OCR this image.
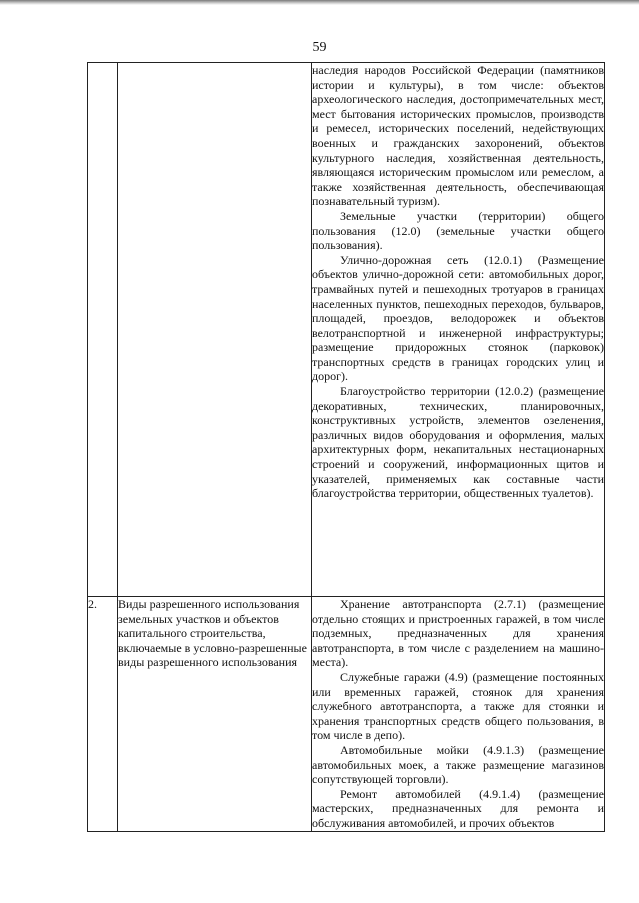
59

		наследия народов Российской Федерации (памятников истории и культуры), в том числе: объектов археологического наследия, достопримечательных мест, мест бытования исторических промыслов, производств и ремесел, исторических поселений, недействующих военных и гражданских захоронений, объектов культурного наследия, хозяйственная деятельность, являющаяся историческим промыслом или ремеслом, а также хозяйственная деятельность, обеспечивающая познавательный туризм).

Земельные участки (территории) общего пользования (12.0) (земельные участки общего пользования).

Улично-дорожная сеть (12.0.1) (Размещение объектов улично-дорожной сети: автомобильных дорог, трамвайных путей и пешеходных тротуаров в границах населенных пунктов, пешеходных переходов, бульваров, площадей, проездов, велодорожек и объектов велотранспортной и инженерной инфраструктуры; размещение придорожных стоянок (парковок) транспортных средств в границах городских улиц и дорог).

Благоустройство территории (12.0.2) (размещение декоративных, технических, планировочных, конструктивных устройств, элементов озеленения, различных видов оборудования и оформления, малых архитектурных форм, некапитальных нестационарных строений и сооружений, информационных щитов и указателей, применяемых как составные части благоустройства территории, общественных туалетов).

2.	Виды разрешенного использования земельных участков и объектов капитального строительства, включаемые в условно-разрешенные виды разрешенного использования	Хранение автотранспорта (2.7.1) (размещение отдельно стоящих и пристроенных гаражей, в том числе подземных, предназначенных для хранения автотранспорта, в том числе с разделением на машино-места).

Служебные гаражи (4.9) (размещение постоянных или временных гаражей, стоянок для хранения служебного автотранспорта, а также для стоянки и хранения транспортных средств общего пользования, в том числе в депо).

Автомобильные мойки (4.9.1.3) (размещение автомобильных моек, а также размещение магазинов сопутствующей торговли).

Ремонт автомобилей (4.9.1.4) (размещение мастерских, предназначенных для ремонта и обслуживания автомобилей, и прочих объектов
